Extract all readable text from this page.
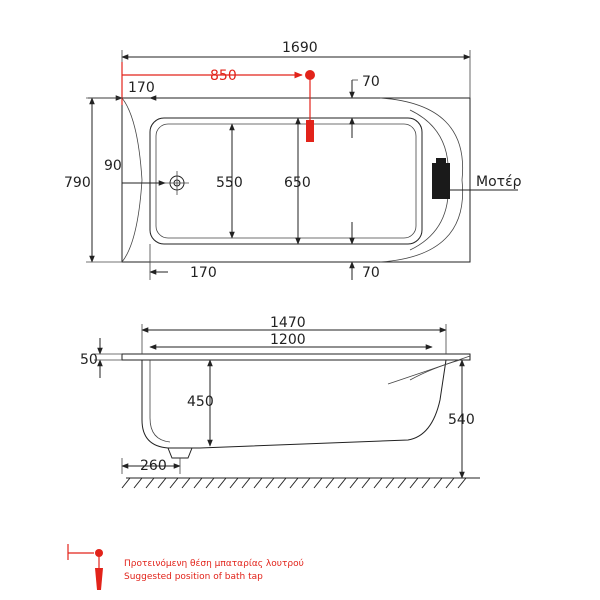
Μοτέρ
1690
850
170	70
70
170
790
90
550	650
1470
1200
50
450
540
260
Προτεινόμενη θέση μπαταρίας λουτρού
Suggested position of bath tap
